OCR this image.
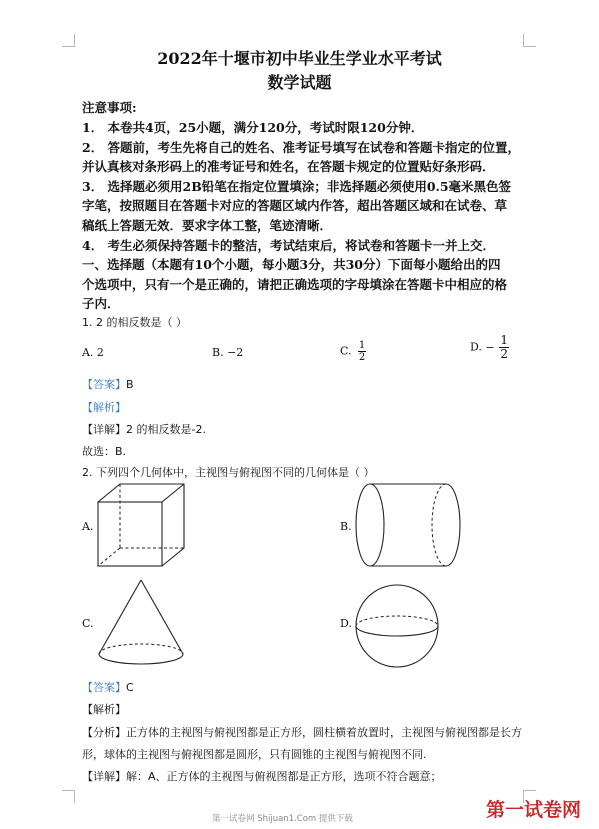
2022年十堰市初中毕业生学业水平考试
数学试题
注意事项:
1． 本卷共4页，25小题，满分120分，考试时限120分钟．
2． 答题前，考生先将自己的姓名、准考证号填写在试卷和答题卡指定的位置，
并认真核对条形码上的准考证号和姓名，在答题卡规定的位置贴好条形码．
3． 选择题必须用2B铅笔在指定位置填涂；非选择题必须使用0.5毫米黑色签
字笔，按照题目在答题卡对应的答题区域内作答，超出答题区域和在试卷、草
稿纸上答题无效．要求字体工整，笔迹清晰．
4． 考生必须保持答题卡的整洁，考试结束后，将试卷和答题卡一并上交．
一、选择题（本题有10个小题，每小题3分，共30分）下面每小题给出的四
个选项中，只有一个是正确的，请把正确选项的字母填涂在答题卡中相应的格
子内．
1. 2 的相反数是（ ）
A. 2	B. −2	C. $\frac{1}{2}$	D. − $\frac{1}{2}$
【答案】B
【解析】
【详解】2 的相反数是-2.
故选：B.
2. 下列四个几何体中，主视图与俯视图不同的几何体是（ ）
A.	B.
C.	D.
【答案】C
【解析】
【分析】正方体的主视图与俯视图都是正方形，圆柱横着放置时，主视图与俯视图都是长方
形，球体的主视图与俯视图都是圆形，只有圆锥的主视图与俯视图不同.
【详解】解：A、正方体的主视图与俯视图都是正方形，选项不符合题意；
第一试卷网 Shijuan1.Com 提供下载	第一试卷网
